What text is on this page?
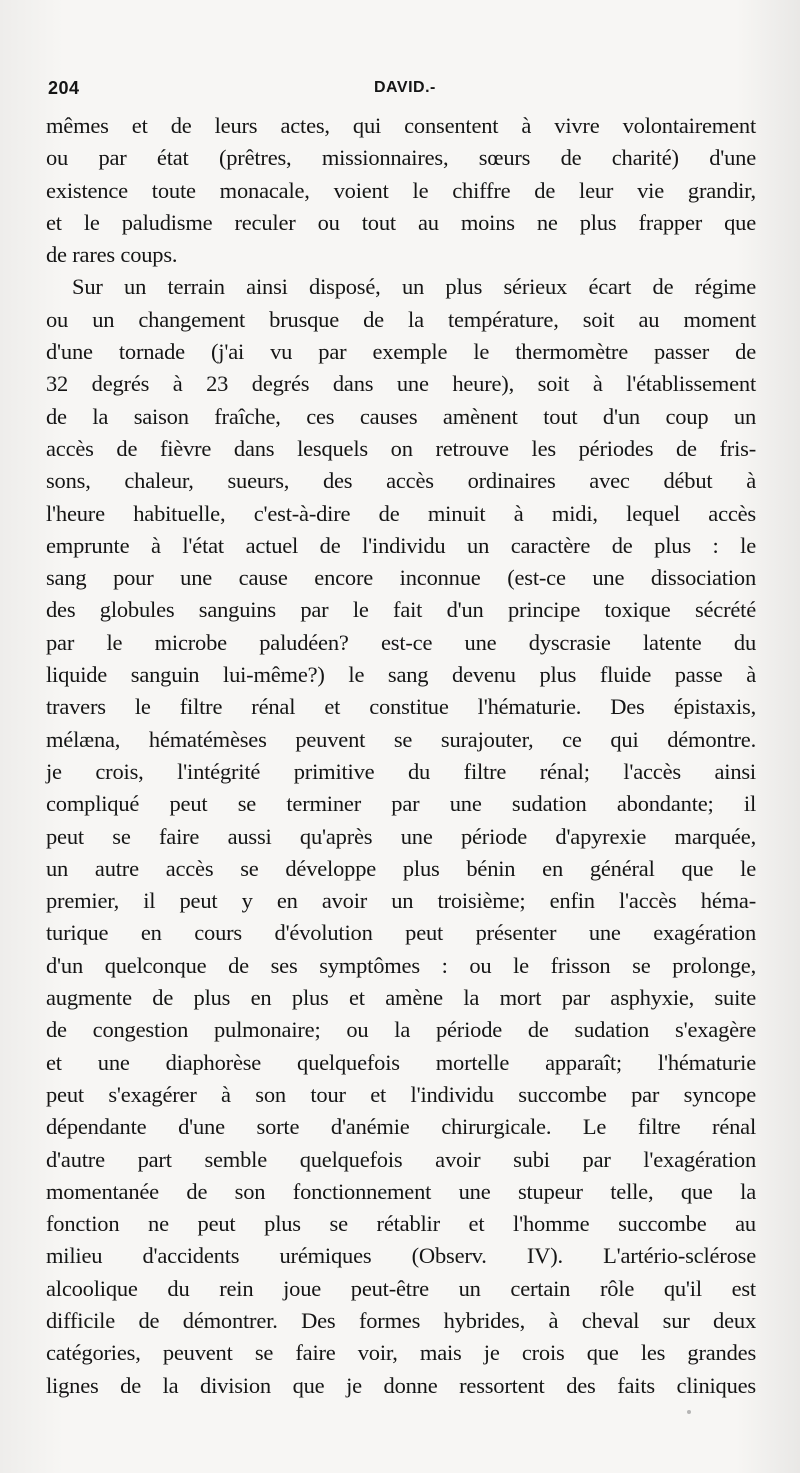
204	DAVID.-
mêmes et de leurs actes, qui consentent à vivre volontairement
ou par état (prêtres, missionnaires, sœurs de charité) d'une
existence toute monacale, voient le chiffre de leur vie grandir,
et le paludisme reculer ou tout au moins ne plus frapper que
de rares coups.
Sur un terrain ainsi disposé, un plus sérieux écart de régime
ou un changement brusque de la température, soit au moment
d'une tornade (j'ai vu par exemple le thermomètre passer de
32 degrés à 23 degrés dans une heure), soit à l'établissement
de la saison fraîche, ces causes amènent tout d'un coup un
accès de fièvre dans lesquels on retrouve les périodes de fris-
sons, chaleur, sueurs, des accès ordinaires avec début à
l'heure habituelle, c'est-à-dire de minuit à midi, lequel accès
emprunte à l'état actuel de l'individu un caractère de plus : le
sang pour une cause encore inconnue (est-ce une dissociation
des globules sanguins par le fait d'un principe toxique sécrété
par le microbe paludéen? est-ce une dyscrasie latente du
liquide sanguin lui-même?) le sang devenu plus fluide passe à
travers le filtre rénal et constitue l'hématurie. Des épistaxis,
mélæna, hématémèses peuvent se surajouter, ce qui démontre.
je crois, l'intégrité primitive du filtre rénal; l'accès ainsi
compliqué peut se terminer par une sudation abondante; il
peut se faire aussi qu'après une période d'apyrexie marquée,
un autre accès se développe plus bénin en général que le
premier, il peut y en avoir un troisième; enfin l'accès héma-
turique en cours d'évolution peut présenter une exagération
d'un quelconque de ses symptômes : ou le frisson se prolonge,
augmente de plus en plus et amène la mort par asphyxie, suite
de congestion pulmonaire; ou la période de sudation s'exagère
et une diaphorèse quelquefois mortelle apparaît; l'hématurie
peut s'exagérer à son tour et l'individu succombe par syncope
dépendante d'une sorte d'anémie chirurgicale. Le filtre rénal
d'autre part semble quelquefois avoir subi par l'exagération
momentanée de son fonctionnement une stupeur telle, que la
fonction ne peut plus se rétablir et l'homme succombe au
milieu d'accidents urémiques (Observ. IV). L'artério-sclérose
alcoolique du rein joue peut-être un certain rôle qu'il est
difficile de démontrer. Des formes hybrides, à cheval sur deux
catégories, peuvent se faire voir, mais je crois que les grandes
lignes de la division que je donne ressortent des faits cliniques
